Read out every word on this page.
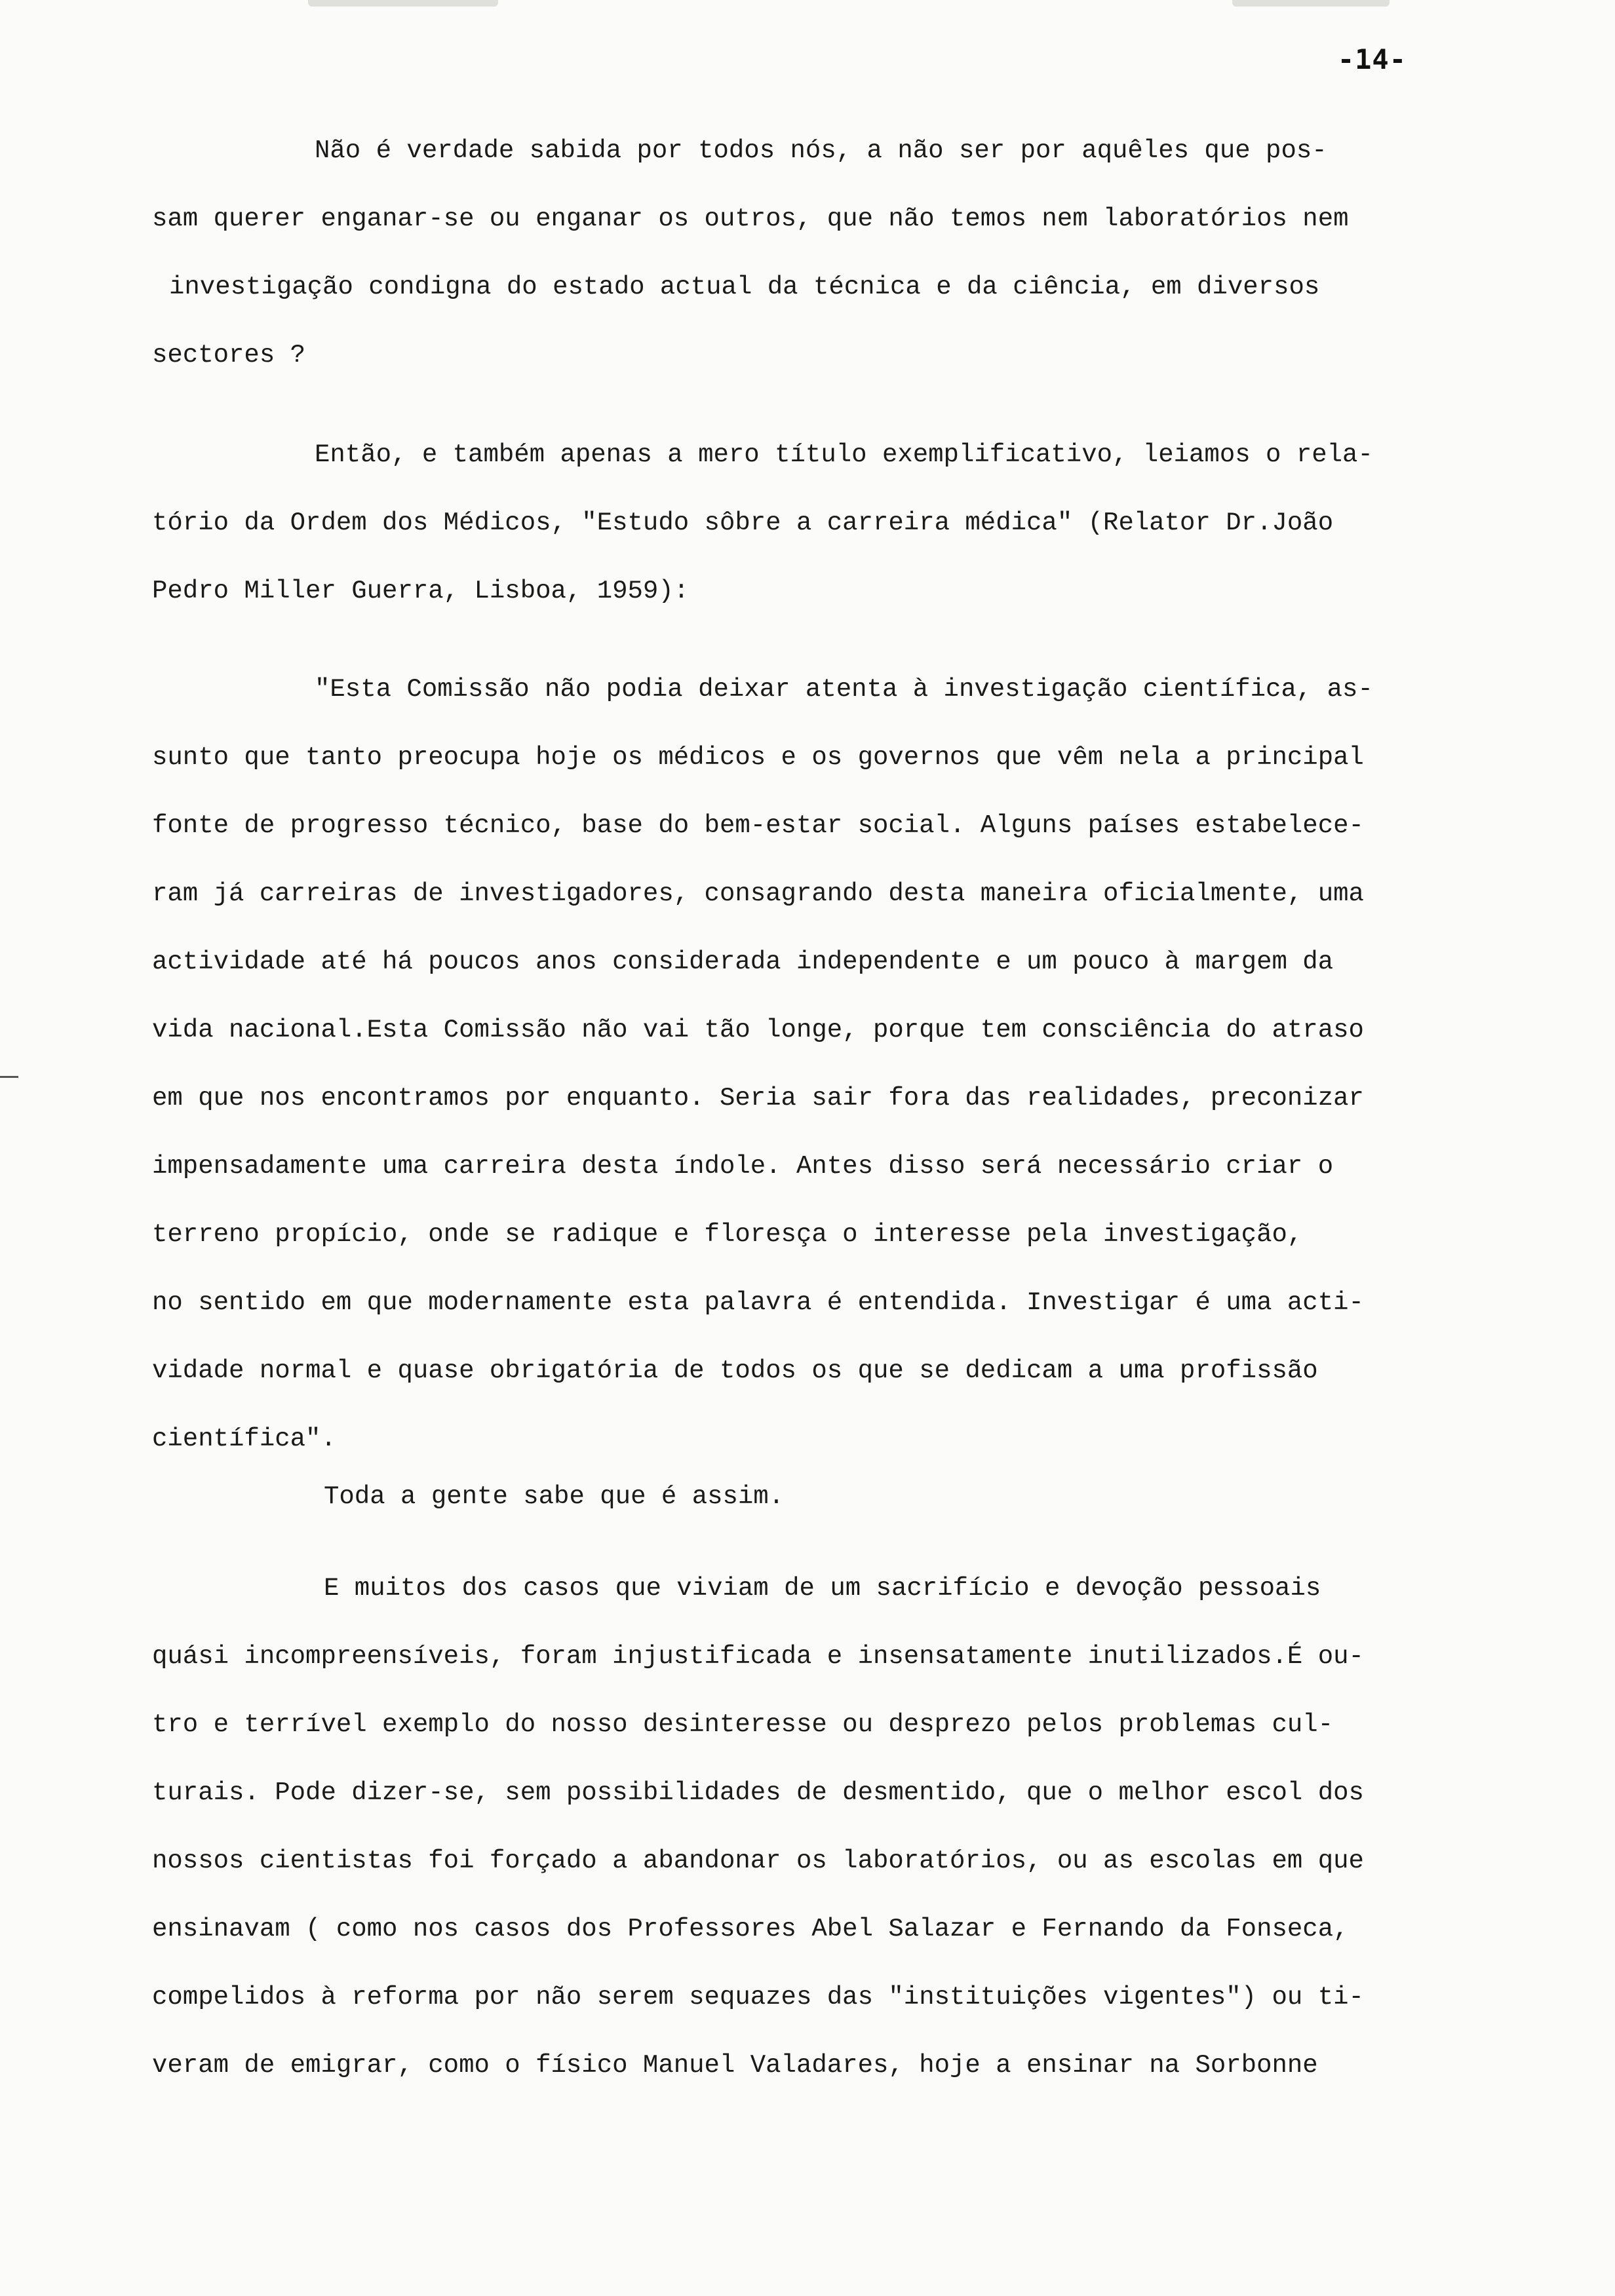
-14-
Não é verdade sabida por todos nós, a não ser por aquêles que pos-
sam querer enganar-se ou enganar os outros, que não temos nem laboratórios nem
investigação condigna do estado actual da técnica e da ciência, em diversos
sectores ?
Então, e também apenas a mero título exemplificativo, leiamos o rela-
tório da Ordem dos Médicos, "Estudo sôbre a carreira médica" (Relator Dr.João
Pedro Miller Guerra, Lisboa, 1959):
"Esta Comissão não podia deixar atenta à investigação científica, as-
sunto que tanto preocupa hoje os médicos e os governos que vêm nela a principal
fonte de progresso técnico, base do bem-estar social. Alguns países estabelece-
ram já carreiras de investigadores, consagrando desta maneira oficialmente, uma
actividade até há poucos anos considerada independente e um pouco à margem da
vida nacional.Esta Comissão não vai tão longe, porque tem consciência do atraso
em que nos encontramos por enquanto. Seria sair fora das realidades, preconizar
impensadamente uma carreira desta índole. Antes disso será necessário criar o
terreno propício, onde se radique e floresça o interesse pela investigação,
no sentido em que modernamente esta palavra é entendida. Investigar é uma acti-
vidade normal e quase obrigatória de todos os que se dedicam a uma profissão
científica".
Toda a gente sabe que é assim.
E muitos dos casos que viviam de um sacrifício e devoção pessoais
quási incompreensíveis, foram injustificada e insensatamente inutilizados.É ou-
tro e terrível exemplo do nosso desinteresse ou desprezo pelos problemas cul-
turais. Pode dizer-se, sem possibilidades de desmentido, que o melhor escol dos
nossos cientistas foi forçado a abandonar os laboratórios, ou as escolas em que
ensinavam ( como nos casos dos Professores Abel Salazar e Fernando da Fonseca,
compelidos à reforma por não serem sequazes das "instituições vigentes") ou ti-
veram de emigrar, como o físico Manuel Valadares, hoje a ensinar na Sorbonne
